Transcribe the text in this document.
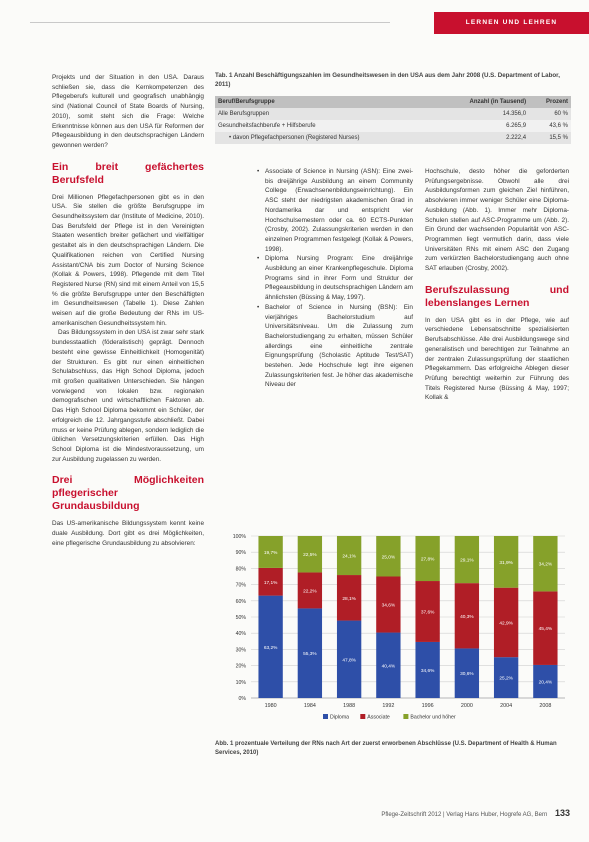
LERNEN UND LEHREN

Projekts und der Situation in den USA. Daraus schließen sie, dass die Kernkompetenzen des Pflegeberufs kulturell und geografisch unabhängig sind (National Council of State Boards of Nursing, 2010), somit steht sich die Frage: Welche Erkenntnisse können aus den USA für Reformen der Pflegeausbildung in den deutschsprachigen Ländern gewonnen werden?

Ein breit gefächertes Berufsfeld

Drei Millionen Pflegefachpersonen gibt es in den USA. Sie stellen die größte Berufsgruppe im Gesundheitssystem dar (Institute of Medicine, 2010). Das Berufsfeld der Pflege ist in den Vereinigten Staaten wesentlich breiter gefächert und vielfältiger gestaltet als in den deutschsprachigen Ländern. Die Qualifikationen reichen von Certified Nursing Assistant/CNA bis zum Doctor of Nursing Science (Kollak & Powers, 1998). Pflegende mit dem Titel Registered Nurse (RN) sind mit einem Anteil von 15,5 % die größte Berufsgruppe unter den Beschäftigten im Gesundheitswesen (Tabelle 1). Diese Zahlen weisen auf die große Bedeutung der RNs im US-amerikanischen Gesundheitssystem hin.

Das Bildungssystem in den USA ist zwar sehr stark bundesstaatlich (föderalistisch) geprägt. Dennoch besteht eine gewisse Einheitlichkeit (Homogenität) der Strukturen. Es gibt nur einen einheitlichen Schulabschluss, das High School Diploma, jedoch mit großen qualitativen Unterschieden. Sie hängen vorwiegend von lokalen bzw. regionalen demografischen und wirtschaftlichen Faktoren ab. Das High School Diploma bekommt ein Schüler, der erfolgreich die 12. Jahrgangsstufe abschließt. Dabei muss er keine Prüfung ablegen, sondern lediglich die üblichen Versetzungskriterien erfüllen. Das High School Diploma ist die Mindestvoraussetzung, um zur Ausbildung zugelassen zu werden.

Drei Möglichkeiten pflegerischer Grundausbildung

Das US-amerikanische Bildungssystem kennt keine duale Ausbildung. Dort gibt es drei Möglichkeiten, eine pflegerische Grundausbildung zu absolvieren:

Tab. 1 Anzahl Beschäftigungszahlen im Gesundheitswesen in den USA aus dem Jahr 2008 (U.S. Department of Labor, 2011)
Beruf/Berufsgruppe	Anzahl (in Tausend)	Prozent
Alle Berufsgruppen	14.356,0	60 %
Gesundheitsfachberufe + Hilfsberufe	6.265,9	43,6 %
• davon Pflegefachpersonen (Registered Nurses)	2.222,4	15,5 %
• Associate of Science in Nursing (ASN): Eine zwei- bis dreijährige Ausbildung an einem Community College (Erwachsenenbildungseinrichtung). Ein ASC steht der niedrigsten akademischen Grad in Nordamerika dar und entspricht vier Hochschulsemestern oder ca. 60 ECTS-Punkten (Crosby, 2002). Zulassungskriterien werden in den einzelnen Programmen festgelegt (Kollak & Powers, 1998).
• Diploma Nursing Program: Eine dreijährige Ausbildung an einer Krankenpflegeschule. Diploma Programs sind in ihrer Form und Struktur der Pflegeausbildung in deutschsprachigen Ländern am ähnlichsten (Büssing & May, 1997).
• Bachelor of Science in Nursing (BSN): Ein vierjähriges Bachelorstudium auf Universitätsniveau. Um die Zulassung zum Bachelorstudiengang zu erhalten, müssen Schüler allerdings eine einheitliche zentrale Eignungsprüfung (Scholastic Aptitude Test/SAT) bestehen. Jede Hochschule legt ihre eigenen Zulassungskriterien fest. Je höher das akademische Niveau der

Hochschule, desto höher die geforderten Prüfungsergebnisse. Obwohl alle drei Ausbildungsformen zum gleichen Ziel hinführen, absolvieren immer weniger Schüler eine Diploma-Ausbildung (Abb. 1). Immer mehr Diploma-Schulen stellen auf ASC-Programme um (Abb. 2). Ein Grund der wachsenden Popularität von ASC-Programmen liegt vermutlich darin, dass viele Universitäten RNs mit einem ASC den Zugang zum verkürzten Bachelorstudiengang auch ohne SAT erlauben (Crosby, 2002).

Berufszulassung und lebenslanges Lernen

In den USA gibt es in der Pflege, wie auf verschiedene Lebensabschnitte spezialisierten Berufsabschlüsse. Alle drei Ausbildungswege sind generalistisch und berechtigen zur Teilnahme an der zentralen Zulassungsprüfung der staatlichen Pflegekammern. Das erfolgreiche Ablegen dieser Prüfung berechtigt weiterhin zur Führung des Titels Registered Nurse (Büssing & May, 1997; Kollak &

0%
10%
20%
30%
40%
50%
60%
70%
80%
90%
100%
63,2%
17,1%
19,7%
1980
55,3%
22,2%
22,5%
1984
47,8%
28,1%
24,1%
1988
40,4%
34,6%
25,0%
1992
34,6%
37,6%
27,8%
1996
30,6%
40,3%
29,1%
2000
25,2%
42,9%
31,9%
2004
20,4%
45,4%
34,2%
2008
Diploma	Associate	Bachelor und höher
Abb. 1 prozentuale Verteilung der RNs nach Art der zuerst erworbenen Abschlüsse (U.S. Department of Health & Human Services, 2010)
Pflege-Zeitschrift 2012 | Verlag Hans Huber, Hogrefe AG, Bern 133
